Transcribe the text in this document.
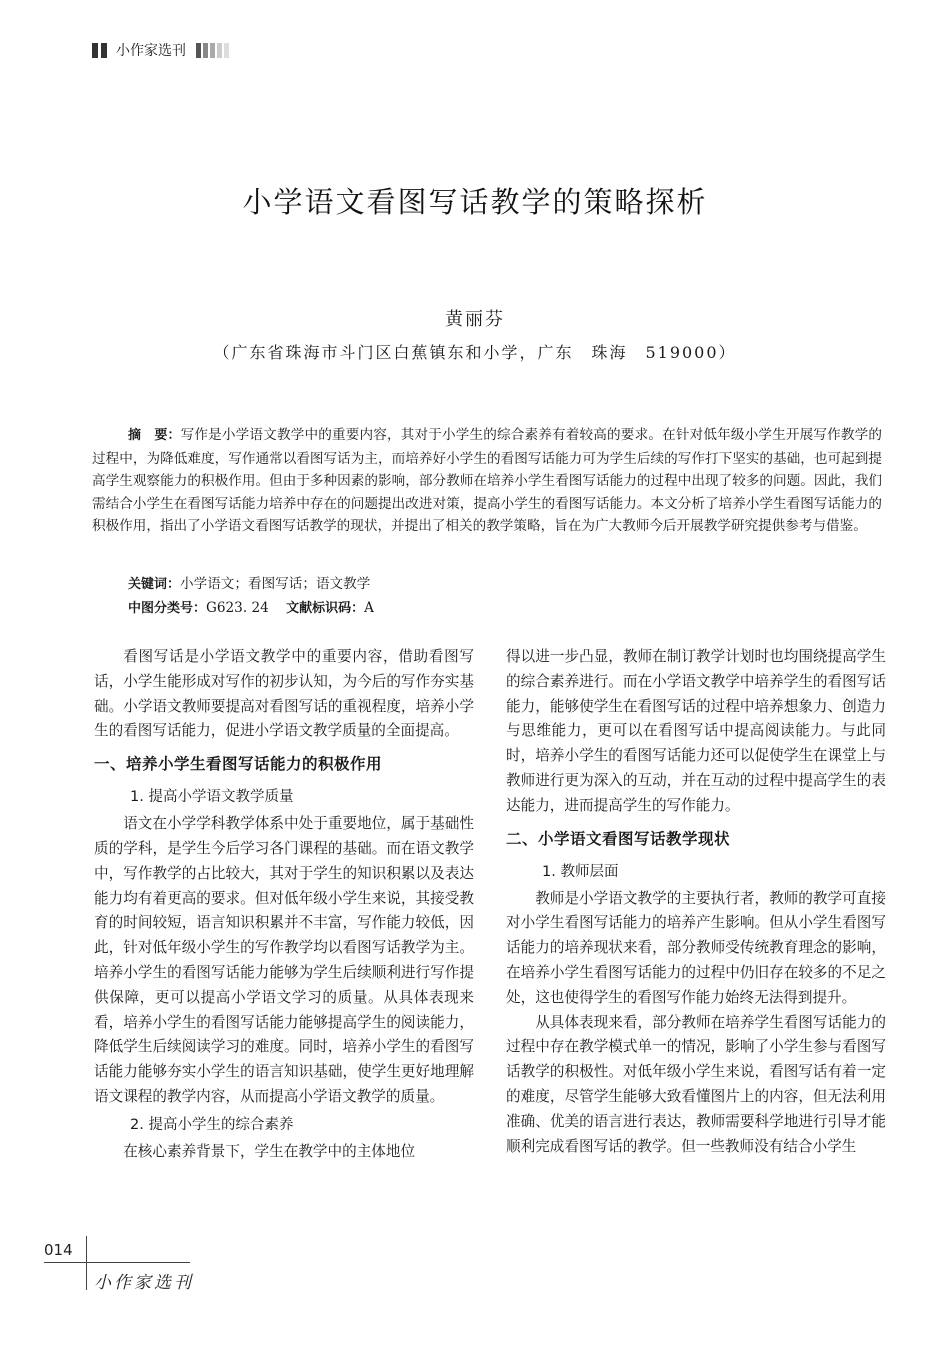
小作家选刊
小学语文看图写话教学的策略探析
黄丽芬
（广东省珠海市斗门区白蕉镇东和小学，广东　珠海　519000）
摘　要：写作是小学语文教学中的重要内容，其对于小学生的综合素养有着较高的要求。在针对低年级小学生开展写作教学的过程中，为降低难度，写作通常以看图写话为主，而培养好小学生的看图写话能力可为学生后续的写作打下坚实的基础，也可起到提高学生观察能力的积极作用。但由于多种因素的影响，部分教师在培养小学生看图写话能力的过程中出现了较多的问题。因此，我们需结合小学生在看图写话能力培养中存在的问题提出改进对策，提高小学生的看图写话能力。本文分析了培养小学生看图写话能力的积极作用，指出了小学语文看图写话教学的现状，并提出了相关的教学策略，旨在为广大教师今后开展教学研究提供参考与借鉴。
关键词：小学语文；看图写话；语文教学
中图分类号：G623. 24 文献标识码：A

看图写话是小学语文教学中的重要内容，借助看图写话，小学生能形成对写作的初步认知，为今后的写作夯实基础。小学语文教师要提高对看图写话的重视程度，培养小学生的看图写话能力，促进小学语文教学质量的全面提高。

一、培养小学生看图写话能力的积极作用
1. 提高小学语文教学质量

语文在小学学科教学体系中处于重要地位，属于基础性质的学科，是学生今后学习各门课程的基础。而在语文教学中，写作教学的占比较大，其对于学生的知识积累以及表达能力均有着更高的要求。但对低年级小学生来说，其接受教育的时间较短，语言知识积累并不丰富，写作能力较低，因此，针对低年级小学生的写作教学均以看图写话教学为主。培养小学生的看图写话能力能够为学生后续顺利进行写作提供保障，更可以提高小学语文学习的质量。从具体表现来看，培养小学生的看图写话能力能够提高学生的阅读能力，降低学生后续阅读学习的难度。同时，培养小学生的看图写话能力能够夯实小学生的语言知识基础，使学生更好地理解语文课程的教学内容，从而提高小学语文教学的质量。

2. 提高小学生的综合素养

在核心素养背景下，学生在教学中的主体地位

得以进一步凸显，教师在制订教学计划时也均围绕提高学生的综合素养进行。而在小学语文教学中培养学生的看图写话能力，能够使学生在看图写话的过程中培养想象力、创造力与思维能力，更可以在看图写话中提高阅读能力。与此同时，培养小学生的看图写话能力还可以促使学生在课堂上与教师进行更为深入的互动，并在互动的过程中提高学生的表达能力，进而提高学生的写作能力。

二、小学语文看图写话教学现状
1. 教师层面

教师是小学语文教学的主要执行者，教师的教学可直接对小学生看图写话能力的培养产生影响。但从小学生看图写话能力的培养现状来看，部分教师受传统教育理念的影响，在培养小学生看图写话能力的过程中仍旧存在较多的不足之处，这也使得学生的看图写作能力始终无法得到提升。

从具体表现来看，部分教师在培养学生看图写话能力的过程中存在教学模式单一的情况，影响了小学生参与看图写话教学的积极性。对低年级小学生来说，看图写话有着一定的难度，尽管学生能够大致看懂图片上的内容，但无法利用准确、优美的语言进行表达，教师需要科学地进行引导才能顺利完成看图写话的教学。但一些教师没有结合小学生

014
小作家选刊
